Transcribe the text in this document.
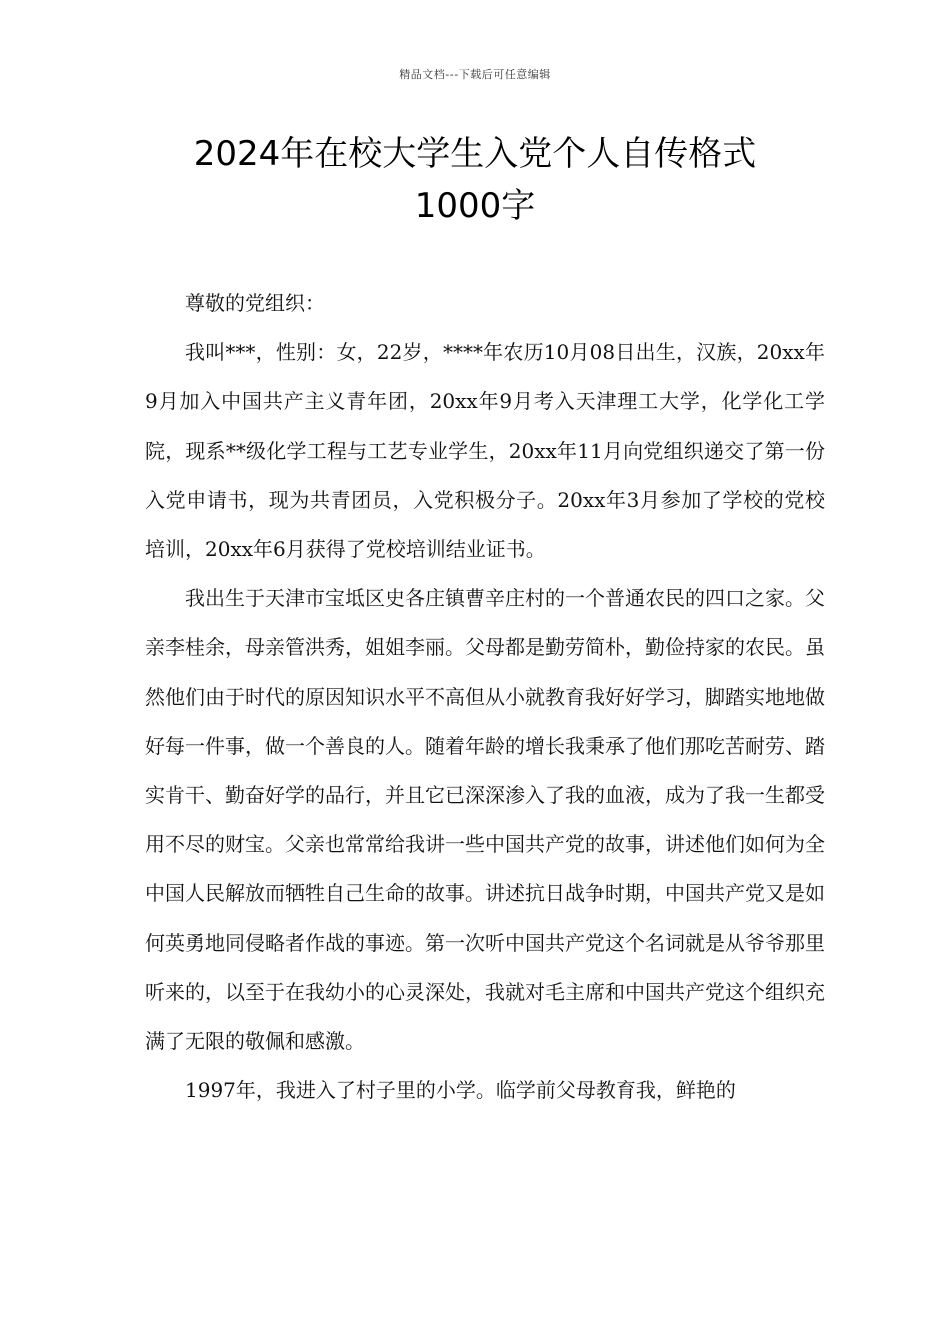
精品文档---下载后可任意编辑
2024年在校大学生入党个人自传格式
1000字

尊敬的党组织：

我叫***，性别：女，22岁，****年农历10月08日出生，汉族，20xx年9月加入中国共产主义青年团，20xx年9月考入天津理工大学，化学化工学院，现系**级化学工程与工艺专业学生，20xx年11月向党组织递交了第一份入党申请书，现为共青团员，入党积极分子。20xx年3月参加了学校的党校培训，20xx年6月获得了党校培训结业证书。

我出生于天津市宝坻区史各庄镇曹辛庄村的一个普通农民的四口之家。父亲李桂余，母亲管洪秀，姐姐李丽。父母都是勤劳简朴，勤俭持家的农民。虽然他们由于时代的原因知识水平不高但从小就教育我好好学习，脚踏实地地做好每一件事，做一个善良的人。随着年龄的增长我秉承了他们那吃苦耐劳、踏实肯干、勤奋好学的品行，并且它已深深渗入了我的血液，成为了我一生都受用不尽的财宝。父亲也常常给我讲一些中国共产党的故事，讲述他们如何为全中国人民解放而牺牲自己生命的故事。讲述抗日战争时期，中国共产党又是如何英勇地同侵略者作战的事迹。第一次听中国共产党这个名词就是从爷爷那里听来的，以至于在我幼小的心灵深处，我就对毛主席和中国共产党这个组织充满了无限的敬佩和感激。

1997年，我进入了村子里的小学。临学前父母教育我，鲜艳的
